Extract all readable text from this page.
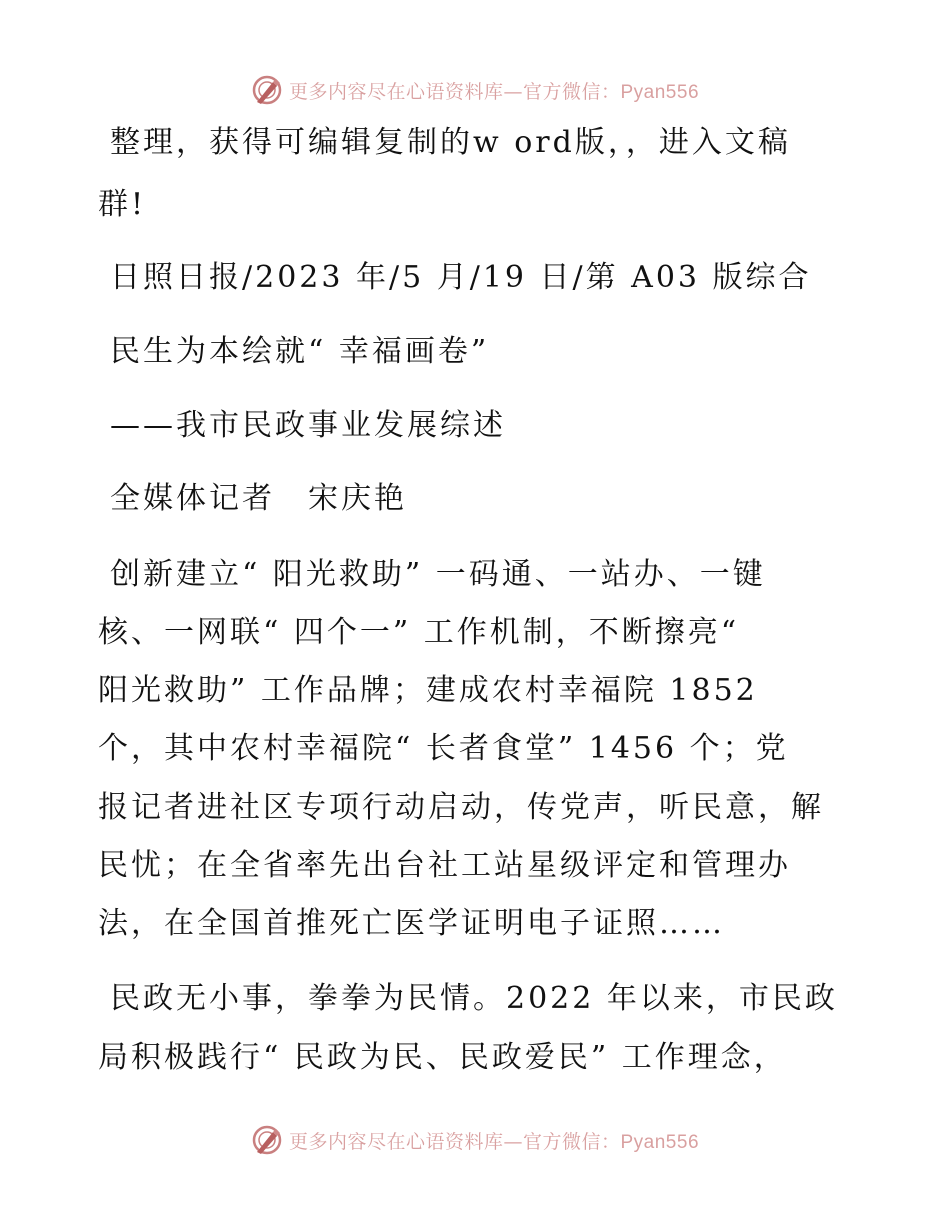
更多内容尽在心语资料库—官方微信：Pyan556
整理，获得可编辑复制的w ord版，，进入文稿
群!
日照日报/2023 年/5 月/19 日/第 A03 版综合
民生为本绘就“ 幸福画卷”
——我市民政事业发展综述
全媒体记者　宋庆艳
创新建立“ 阳光救助” 一码通、一站办、一键
核、一网联“ 四个一” 工作机制，不断擦亮“
阳光救助” 工作品牌；建成农村幸福院 1852
个，其中农村幸福院“ 长者食堂” 1456 个；党
报记者进社区专项行动启动，传党声，听民意，解
民忧；在全省率先出台社工站星级评定和管理办
法，在全国首推死亡医学证明电子证照……
民政无小事，拳拳为民情。2022 年以来，市民政
局积极践行“ 民政为民、民政爱民” 工作理念，
更多内容尽在心语资料库—官方微信：Pyan556
